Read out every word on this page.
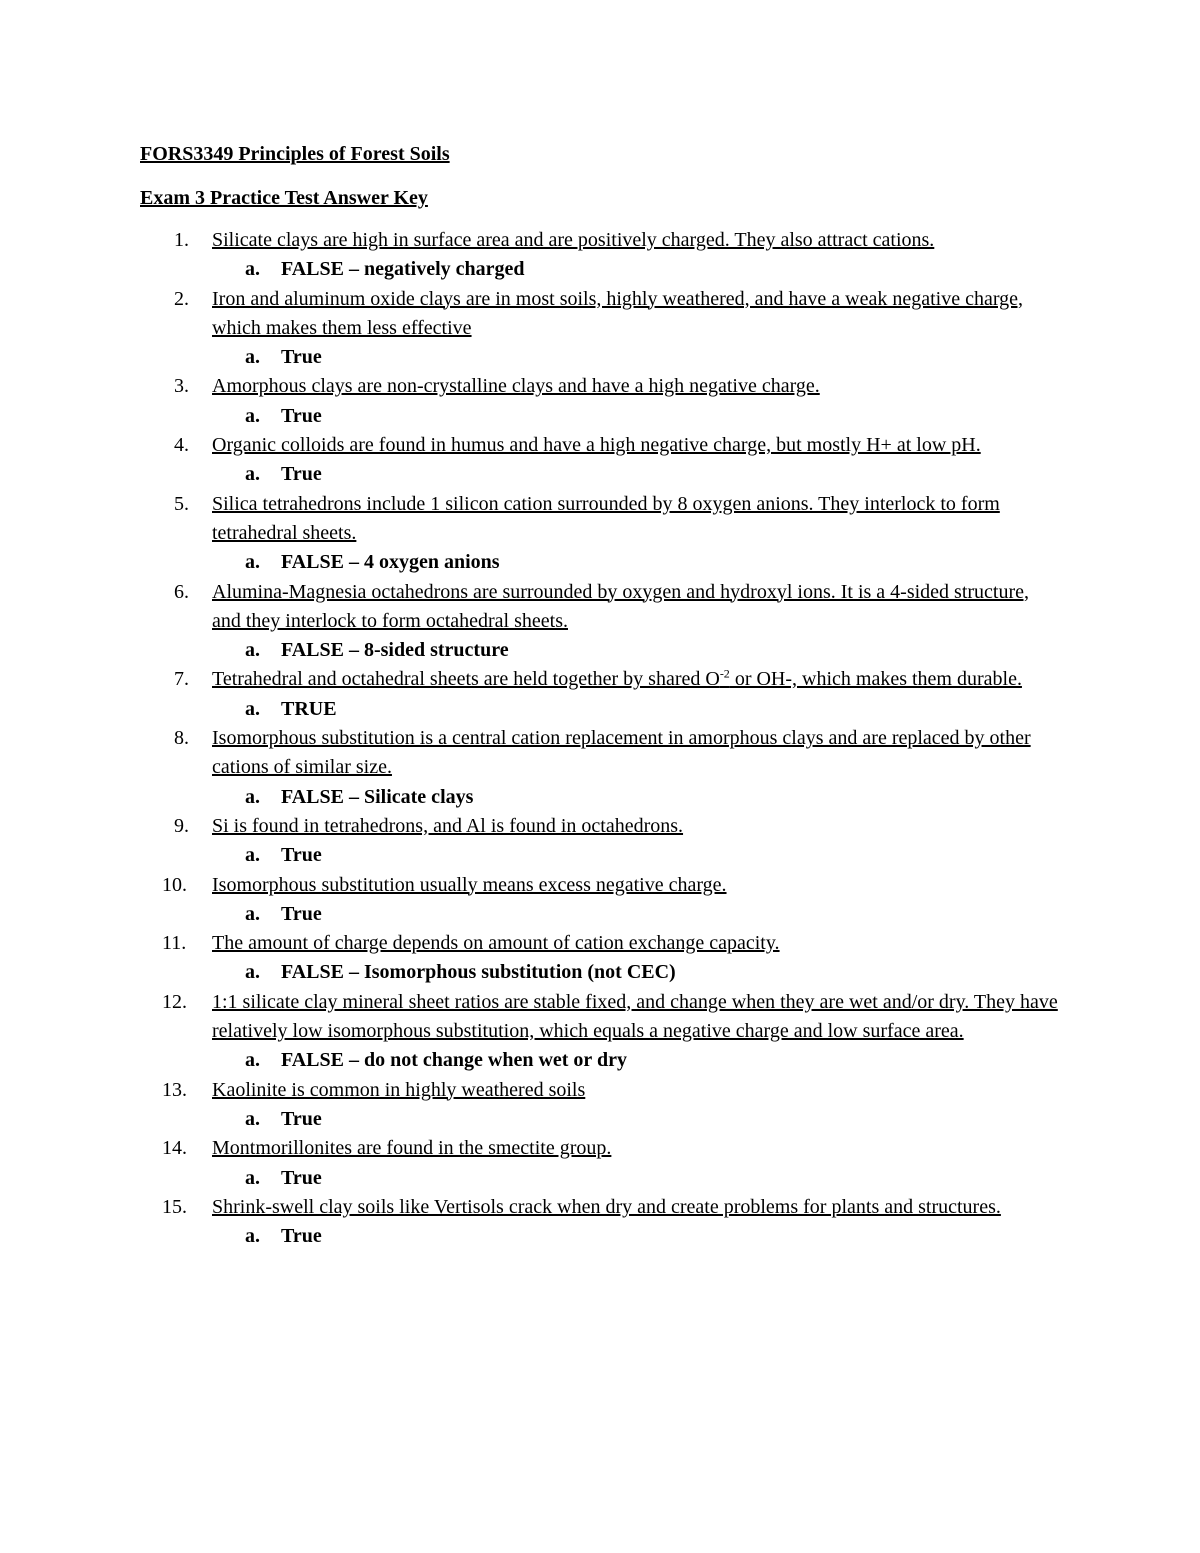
FORS3349 Principles of Forest Soils
Exam 3 Practice Test Answer Key
1. Silicate clays are high in surface area and are positively charged. They also attract cations.
a.	FALSE – negatively charged
2. Iron and aluminum oxide clays are in most soils, highly weathered, and have a weak negative charge, which makes them less effective
a.	True
3. Amorphous clays are non-crystalline clays and have a high negative charge.
a.	True
4. Organic colloids are found in humus and have a high negative charge, but mostly H+ at low pH.
a.	True
5. Silica tetrahedrons include 1 silicon cation surrounded by 8 oxygen anions. They interlock to form tetrahedral sheets.
a.	FALSE – 4 oxygen anions
6. Alumina-Magnesia octahedrons are surrounded by oxygen and hydroxyl ions. It is a 4-sided structure, and they interlock to form octahedral sheets.
a.	FALSE – 8-sided structure
7. Tetrahedral and octahedral sheets are held together by shared $O^{-2}$ or OH-, which makes them durable.
a.	TRUE
8. Isomorphous substitution is a central cation replacement in amorphous clays and are replaced by other cations of similar size.
a.	FALSE – Silicate clays
9. Si is found in tetrahedrons, and Al is found in octahedrons.
a.	True
10. Isomorphous substitution usually means excess negative charge.
a.	True
11. The amount of charge depends on amount of cation exchange capacity.
a.	FALSE – Isomorphous substitution (not CEC)
12. 1:1 silicate clay mineral sheet ratios are stable fixed, and change when they are wet and/or dry. They have relatively low isomorphous substitution, which equals a negative charge and low surface area.
a.	FALSE – do not change when wet or dry
13. Kaolinite is common in highly weathered soils
a.	True
14. Montmorillonites are found in the smectite group.
a.	True
15. Shrink-swell clay soils like Vertisols crack when dry and create problems for plants and structures.
a.	True
